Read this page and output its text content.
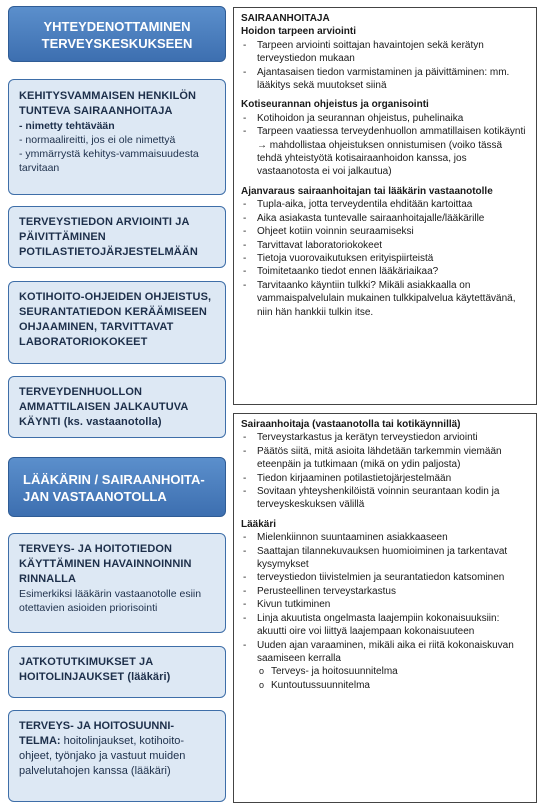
YHTEYDENOTTAMINEN TERVEYSKESKUKSEEN
KEHITYSVAMMAISEN HENKILÖN TUNTEVA SAIRAANHOITAJA
- nimetty tehtävään
- normaalireitti, jos ei ole nimettyä
- ymmärrystä kehitys-vammaisuudesta tarvitaan
TERVEYSTIEDON ARVIOINTI JA PÄIVITTÄMINEN POTILASTIETOJÄRJESTELMÄÄN
KOTIHOITO-OHJEIDEN OHJEISTUS, SEURANTATIEDON KERÄÄMISEEN OHJAAMINEN, TARVITTAVAT LABORATORIOKOKEET
TERVEYDENHUOLLON AMMATTILAISEN JALKAUTUVA KÄYNTI (ks. vastaanotolla)
LÄÄKÄRIN / SAIRAANHOITA-JAN VASTAANOTOLLA
TERVEYS- JA HOITOTIEDON KÄYTTÄMINEN HAVAINNOINNIN RINNALLA
Esimerkiksi lääkärin vastaanotolle esiin otettavien asioiden priorisointi
JATKOTUTKIMUKSET JA HOITOLINJAUKSET (lääkäri)
TERVEYS- JA HOITOSUUNNI-TELMA: hoitolinjaukset, kotihoito-ohjeet, työnjako ja vastuut muiden palvelutahojen kanssa (lääkäri)
SAIRAANHOITAJA
Hoidon tarpeen arviointi
- Tarpeen arviointi soittajan havaintojen sekä kerätyn terveystiedon mukaan
- Ajantasaisen tiedon varmistaminen ja päivittäminen: mm. lääkitys sekä muutokset siinä
Kotiseurannan ohjeistus ja organisointi
- Kotihoidon ja seurannan ohjeistus, puhelinaika
- Tarpeen vaatiessa terveydenhuollon ammatillaisen kotikäynti → mahdollistaa ohjeistuksen onnistumisen (voiko tässä tehdä yhteistyötä kotisairaanhoidon kanssa, jos vastaanotosta ei voi jalkautua)
Ajanvaraus sairaanhoitajan tai lääkärin vastaanotolle
- Tupla-aika, jotta terveydentila ehditään kartoittaa
- Aika asiakasta tuntevalle sairaanhoitajalle/lääkärille
- Ohjeet kotiin voinnin seuraamiseksi
- Tarvittavat laboratoriokokeet
- Tietoja vuorovaikutuksen erityispiirteistä
- Toimitetaanko tiedot ennen lääkäriaikaa?
- Tarvitaanko käyntiin tulkki? Mikäli asiakkaalla on vammaispalvelulain mukainen tulkkipalvelua käytettävänä, niin hän hankkii tulkin itse.
Sairaanhoitaja (vastaanotolla tai kotikäynnillä)
- Terveystarkastus ja kerätyn terveystiedon arviointi
- Päätös siitä, mitä asioita lähdetään tarkemmin viemään eteenpäin ja tutkimaan (mikä on ydin paljosta)
- Tiedon kirjaaminen potilastietojärjestelmään
- Sovitaan yhteyshenkilöistä voinnin seurantaan kodin ja terveyskeskuksen välillä
Lääkäri
- Mielenkiinnon suuntaaminen asiakkaaseen
- Saattajan tilannekuvauksen huomioiminen ja tarkentavat kysymykset
- terveystiedon tiivistelmien ja seurantatiedon katsominen
- Perusteellinen terveystarkastus
- Kivun tutkiminen
- Linja akuutista ongelmasta laajempiin kokonaisuuksiin: akuutti oire voi liittyä laajempaan kokonaisuuteen
- Uuden ajan varaaminen, mikäli aika ei riitä kokonaiskuvan saamiseen kerralla
o Terveys- ja hoitosuunnitelma
o Kuntoutussuunnitelma
